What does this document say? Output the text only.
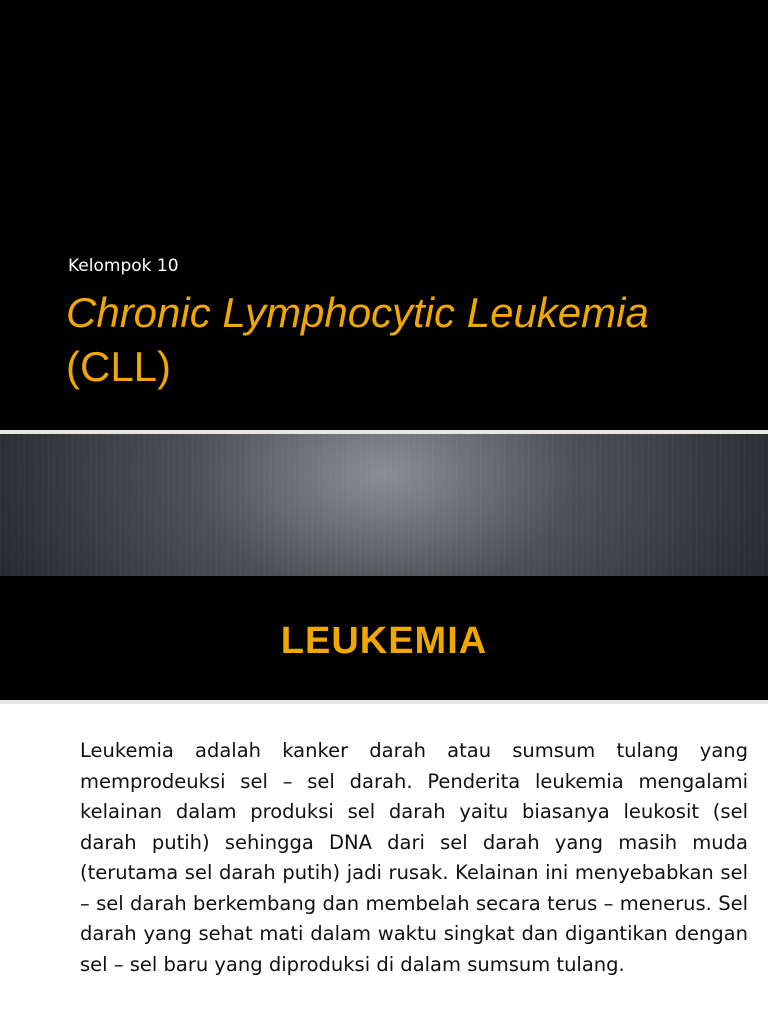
Kelompok 10
Chronic Lymphocytic Leukemia
(CLL)
LEUKEMIA
Leukemia adalah kanker darah atau sumsum tulang yang memprodeuksi sel – sel darah. Penderita leukemia mengalami kelainan dalam produksi sel darah yaitu biasanya leukosit (sel darah putih) sehingga DNA dari sel darah yang masih muda (terutama sel darah putih) jadi rusak. Kelainan ini menyebabkan sel – sel darah berkembang dan membelah secara terus – menerus. Sel darah yang sehat mati dalam waktu singkat dan digantikan dengan sel – sel baru yang diproduksi di dalam sumsum tulang.
